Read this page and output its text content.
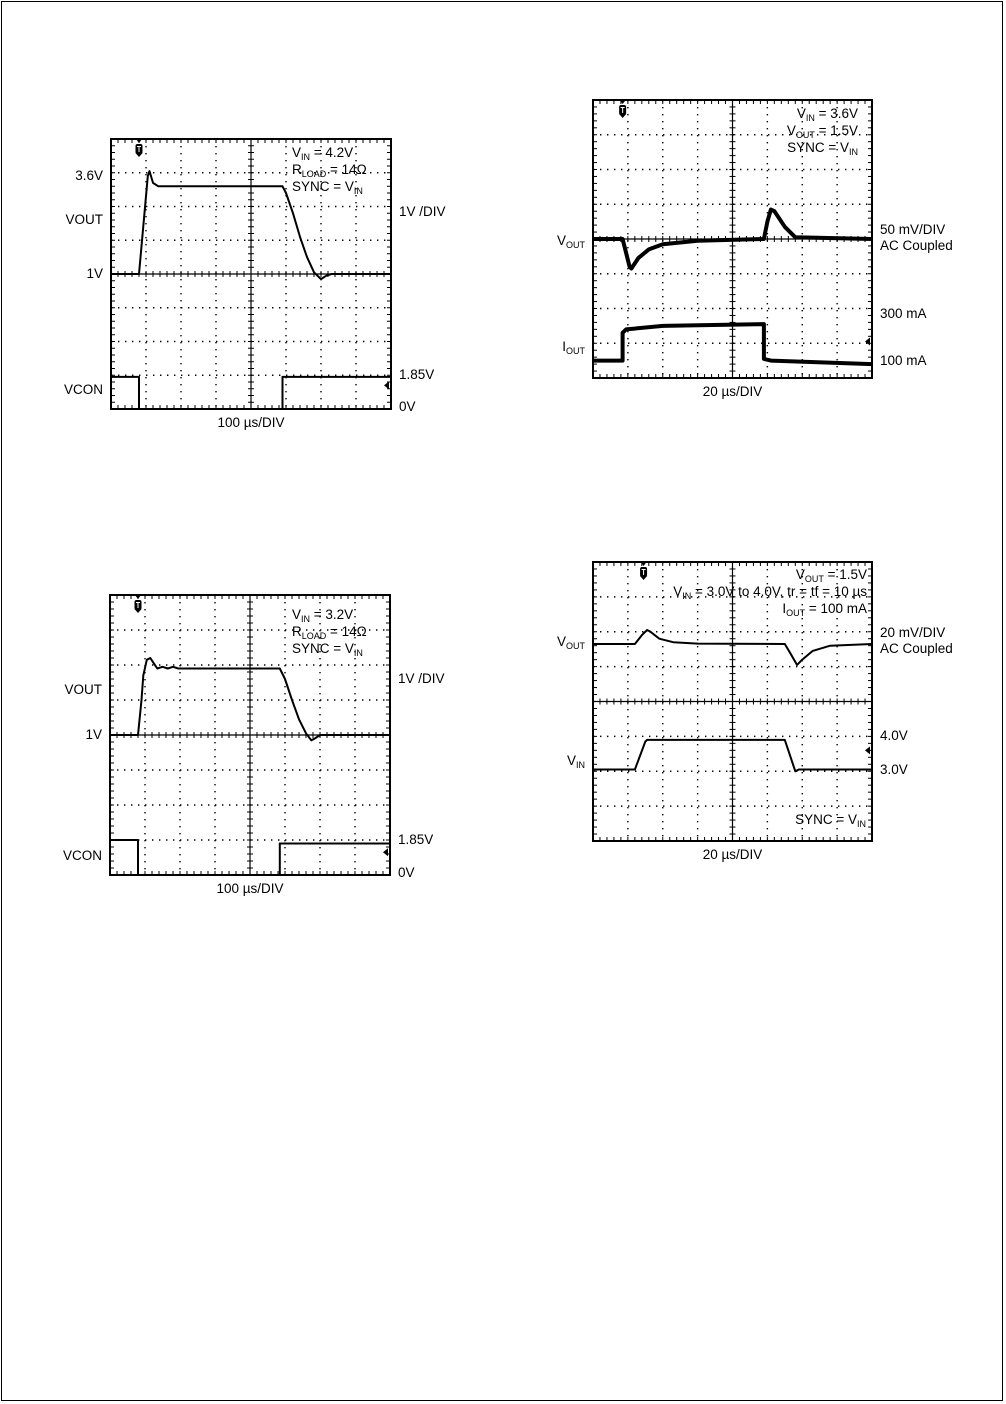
3.6V
VOUT
1V
VCON
1V /DIV
1.85V
0V
$V_{IN} = 4.2V$
$R_{LOAD} = 14\Omega$
SYNC = $V_{IN}$
100 µs/DIV
$V_{OUT}$
$I_{OUT}$
50 mV/DIV
AC Coupled
300 mA
100 mA
$V_{IN} = 3.6V$
$V_{OUT} = 1.5V$
SYNC = $V_{IN}$
20 µs/DIV
VOUT
1V
VCON
1V /DIV
1.85V
0V
$V_{IN} = 3.2V$
$R_{LOAD} = 14\Omega$
SYNC = $V_{IN}$
100 µs/DIV
$V_{OUT}$
$V_{IN}$
20 mV/DIV
AC Coupled
4.0V
3.0V
$V_{OUT} = 1.5V$
$V_{IN} = 3.0V$ to 4.0V, tr = tf = 10 µs
$I_{OUT} = 100$ mA
SYNC = $V_{IN}$
20 µs/DIV
